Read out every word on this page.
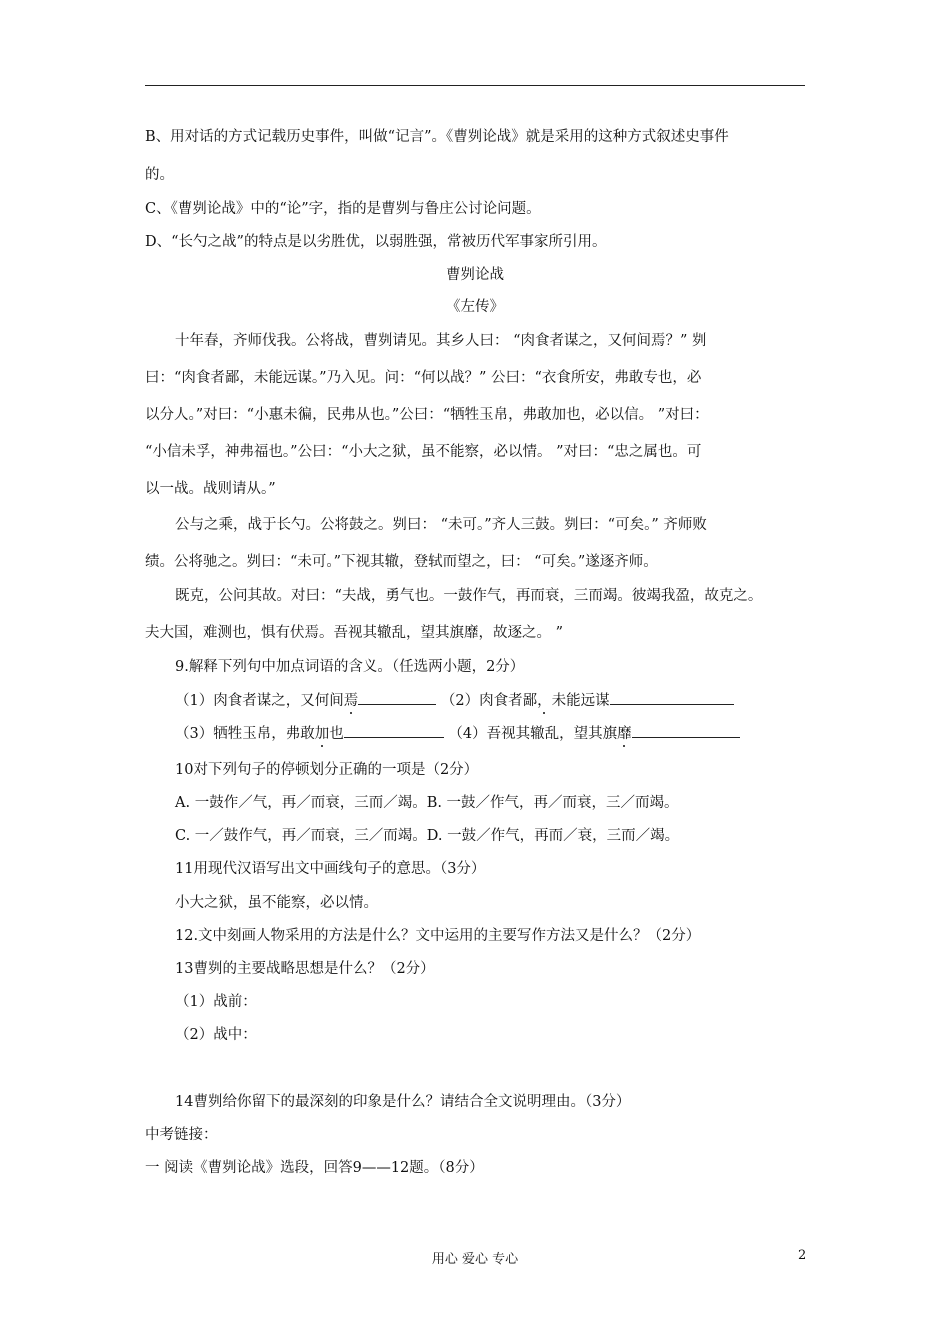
B、用对话的方式记载历史事件，叫做“记言”。《曹刿论战》就是采用的这种方式叙述史事件
的。
C、《曹刿论战》中的“论”字，指的是曹刿与鲁庄公讨论问题。
D、“长勺之战”的特点是以劣胜优，以弱胜强，常被历代军事家所引用。
曹刿论战
《左传》
十年春，齐师伐我。公将战，曹刿请见。其乡人曰： “肉食者谋之，又何间焉？” 刿
曰：“肉食者鄙，未能远谋。”乃入见。问：“何以战？” 公曰：“衣食所安，弗敢专也，必
以分人。”对曰：“小惠未徧，民弗从也。”公曰：“牺牲玉帛，弗敢加也，必以信。 ”对曰：
“小信未孚，神弗福也。”公曰：“小大之狱，虽不能察，必以情。 ”对曰：“忠之属也。可
以一战。战则请从。”
公与之乘，战于长勺。公将鼓之。刿曰： “未可。”齐人三鼓。刿曰：“可矣。” 齐师败
绩。公将驰之。刿曰：“未可。”下视其辙，登轼而望之，曰： “可矣。”遂逐齐师。
既克，公问其故。对曰：“夫战，勇气也。一鼓作气，再而衰，三而竭。彼竭我盈，故克之。
夫大国，难测也，惧有伏焉。吾视其辙乱，望其旗靡，故逐之。 ”
9.解释下列句中加点词语的含义。（任选两小题，2分）
（1）肉食者谋之，又何间焉	（2）肉食者鄙，未能远谋
（3）牺牲玉帛，弗敢加也	（4）吾视其辙乱，望其旗靡
10对下列句子的停顿划分正确的一项是（2分）
A. 一鼓作／气，再／而衰，三而／竭。B. 一鼓／作气，再／而衰，三／而竭。
C. 一／鼓作气，再／而衰，三／而竭。D. 一鼓／作气，再而／衰，三而／竭。
11用现代汉语写出文中画线句子的意思。（3分）
小大之狱，虽不能察，必以情。
12.文中刻画人物采用的方法是什么？文中运用的主要写作方法又是什么？（2分）
13曹刿的主要战略思想是什么？（2分）
（1）战前：
（2）战中：
14曹刿给你留下的最深刻的印象是什么？请结合全文说明理由。（3分）
中考链接：
一 阅读《曹刿论战》选段，回答9——12题。（8分）
用心 爱心 专心	2
